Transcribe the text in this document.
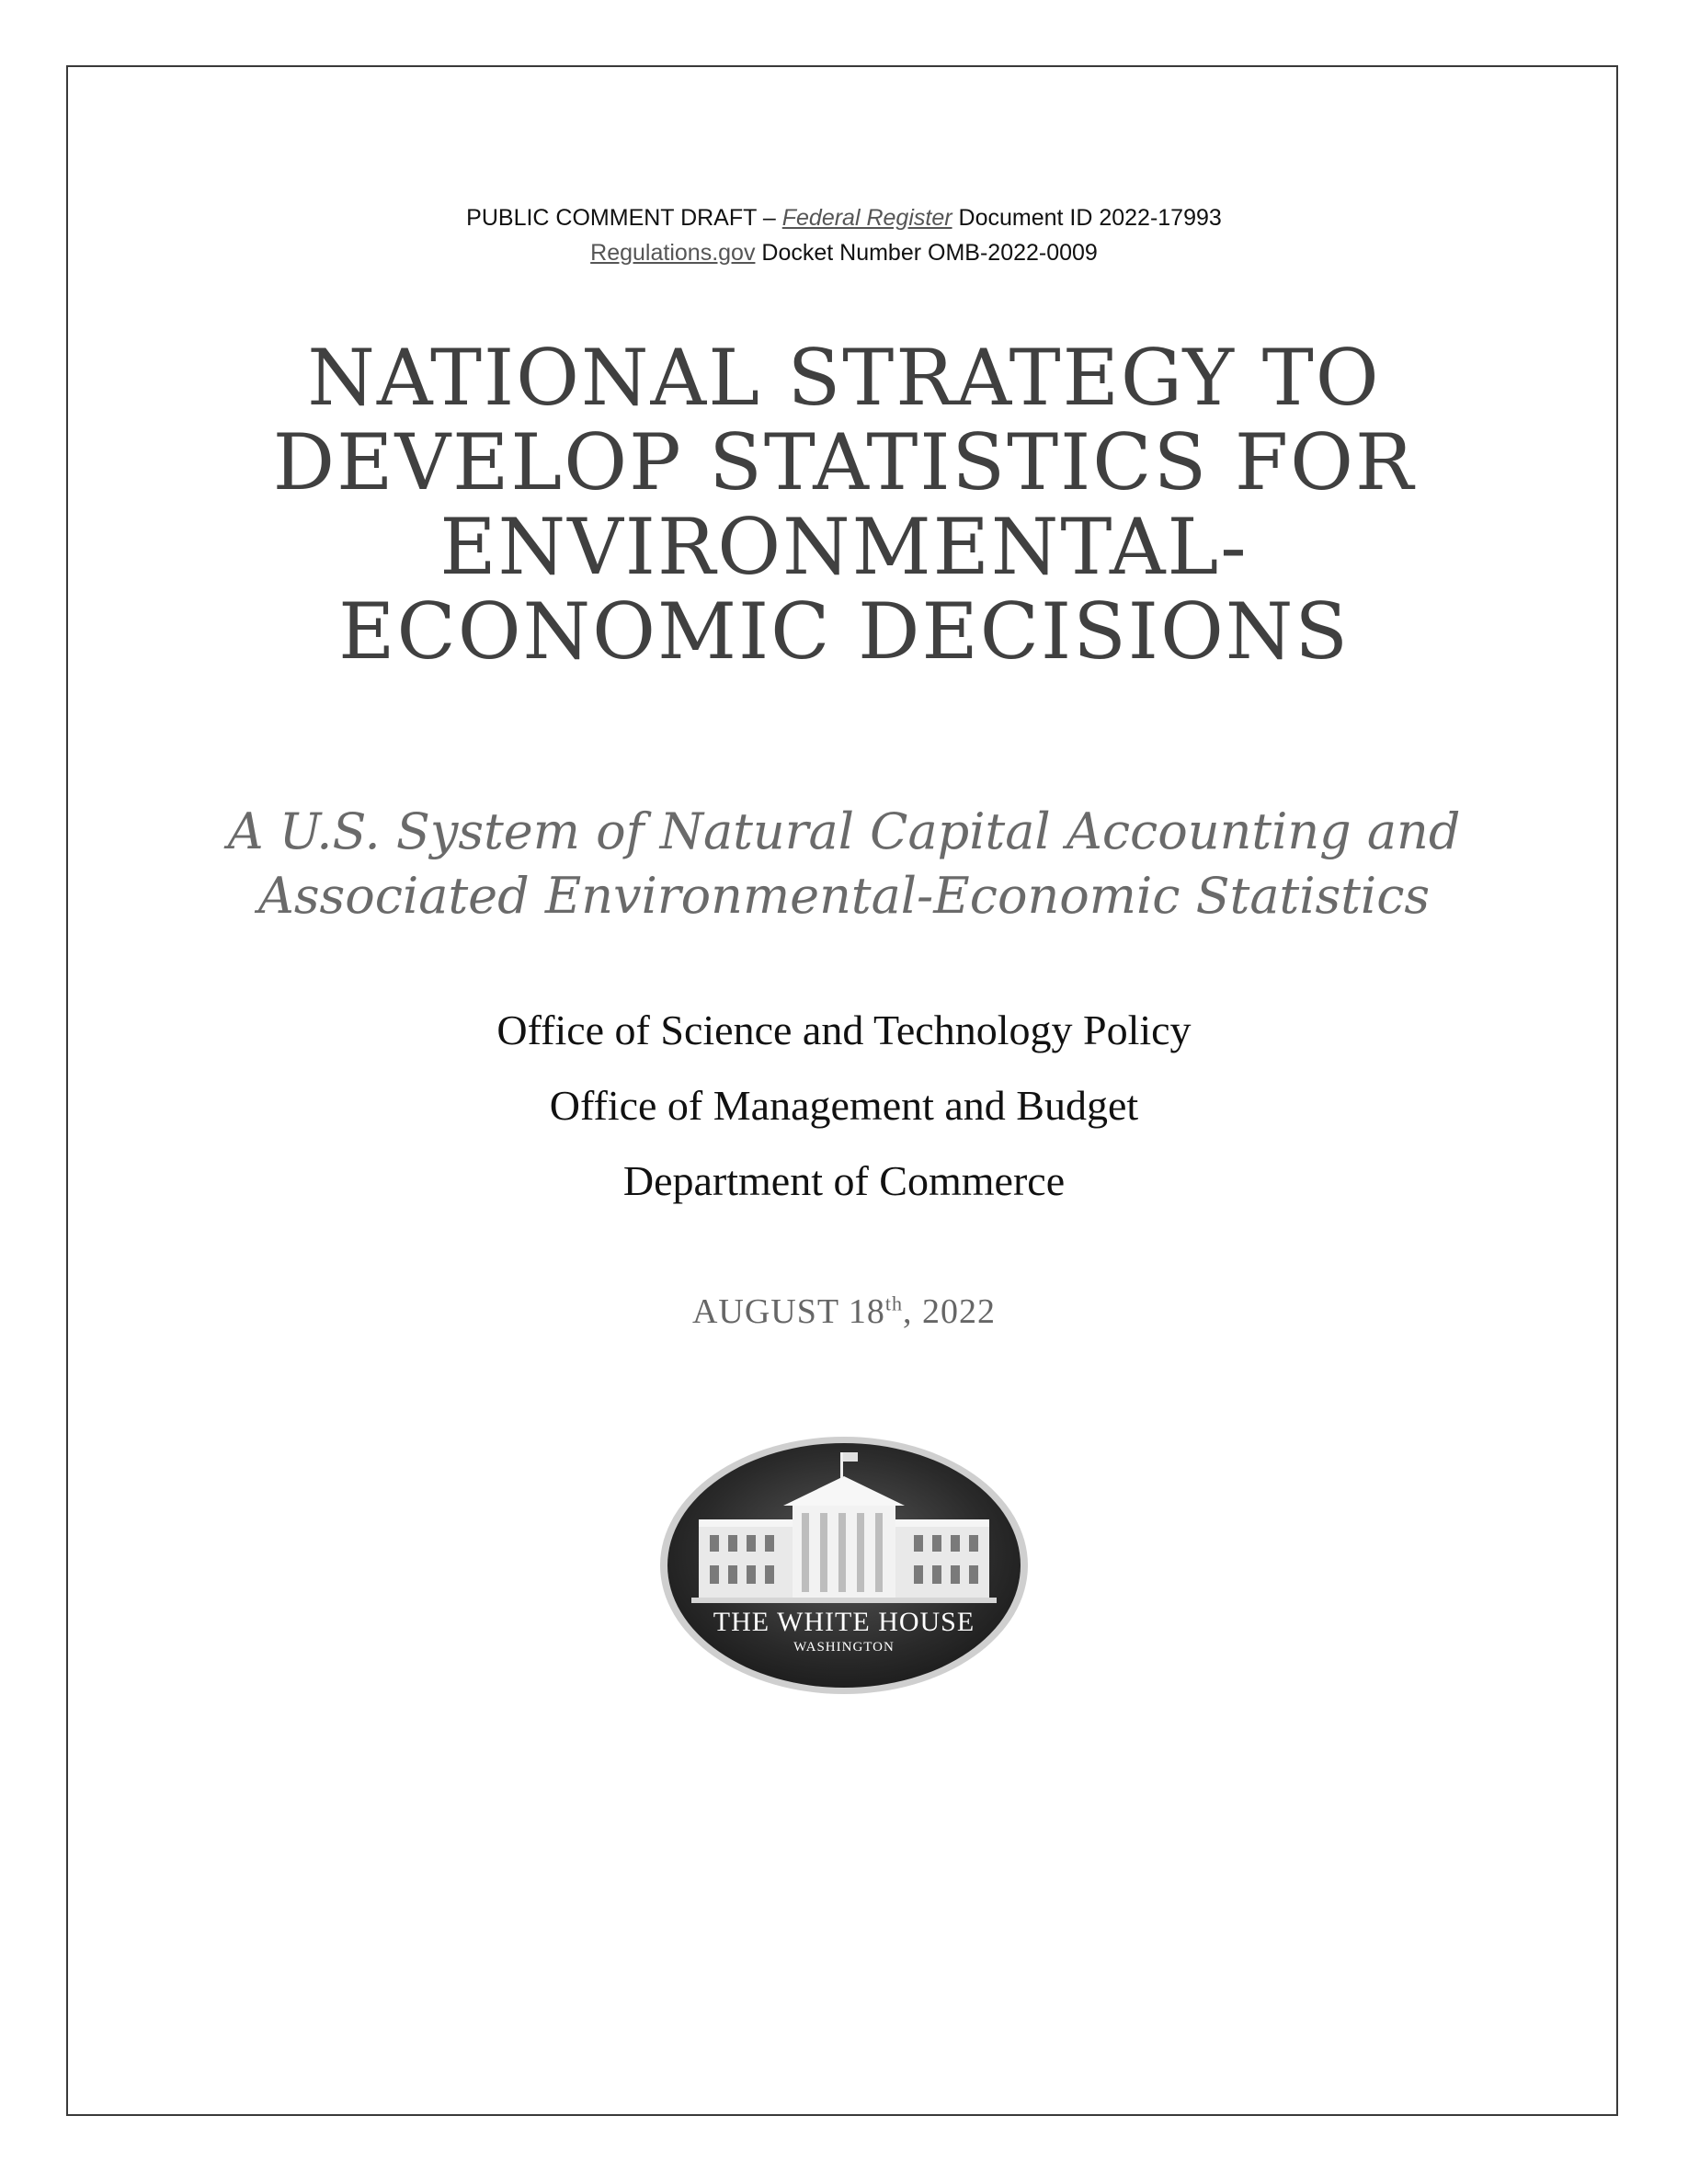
PUBLIC COMMENT DRAFT – Federal Register Document ID 2022-17993
Regulations.gov Docket Number OMB-2022-0009
NATIONAL STRATEGY TO
DEVELOP STATISTICS FOR
ENVIRONMENTAL-
ECONOMIC DECISIONS
A U.S. System of Natural Capital Accounting and
Associated Environmental-Economic Statistics
Office of Science and Technology Policy
Office of Management and Budget
Department of Commerce
AUGUST 18th, 2022
THE WHITE HOUSE
WASHINGTON
